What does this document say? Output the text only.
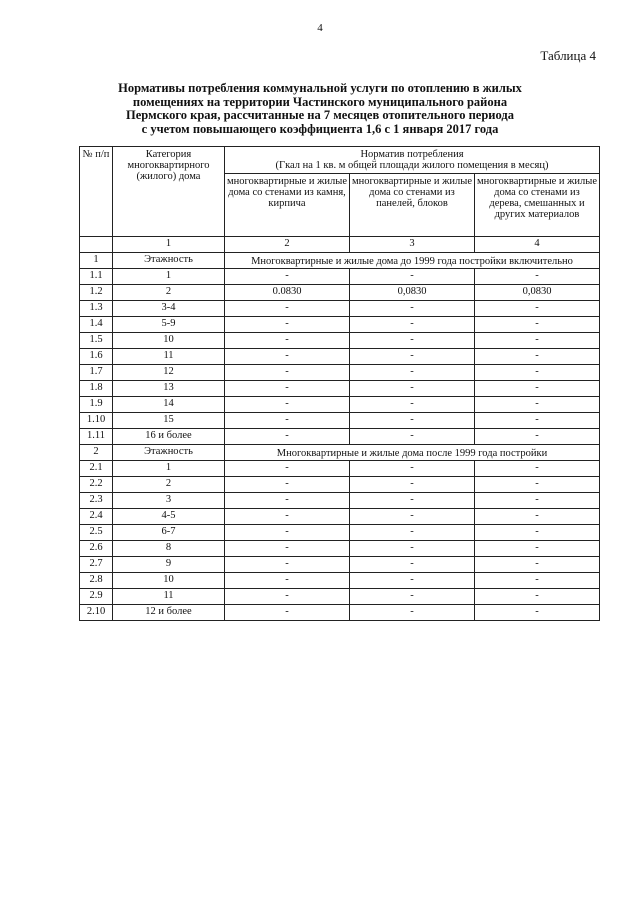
4
Таблица 4
Нормативы потребления коммунальной услуги по отоплению в жилых
помещениях на территории Частинского муниципального района
Пермского края, рассчитанные на 7 месяцев отопительного периода
с учетом повышающего коэффициента 1,6 с 1 января 2017 года
№ п/п	Категория многоквартирного (жилого) дома	Норматив потребления
(Гкал на 1 кв. м общей площади жилого помещения в месяц)		

		многоквартирные и жилые дома со стенами из камня, кирпича	многоквартирные и жилые дома со стенами из панелей, блоков	многоквартирные и жилые дома со стенами из дерева, смешанных и других материалов
	1	2	3	4
1	Этажность	Многоквартирные и жилые дома до 1999 года постройки включительно		
1.1	1	-	-	-
1.2	2	0.0830	0,0830	0,0830
1.3	3-4	-	-	-
1.4	5-9	-	-	-
1.5	10	-	-	-
1.6	11	-	-	-
1.7	12	-	-	-
1.8	13	-	-	-
1.9	14	-	-	-
1.10	15	-	-	-
1.11	16 и более	-	-	-
2	Этажность	Многоквартирные и жилые дома после 1999 года постройки		
2.1	1	-	-	-
2.2	2	-	-	-
2.3	3	-	-	-
2.4	4-5	-	-	-
2.5	6-7	-	-	-
2.6	8	-	-	-
2.7	9	-	-	-
2.8	10	-	-	-
2.9	11	-	-	-
2.10	12 и более	-	-	-
